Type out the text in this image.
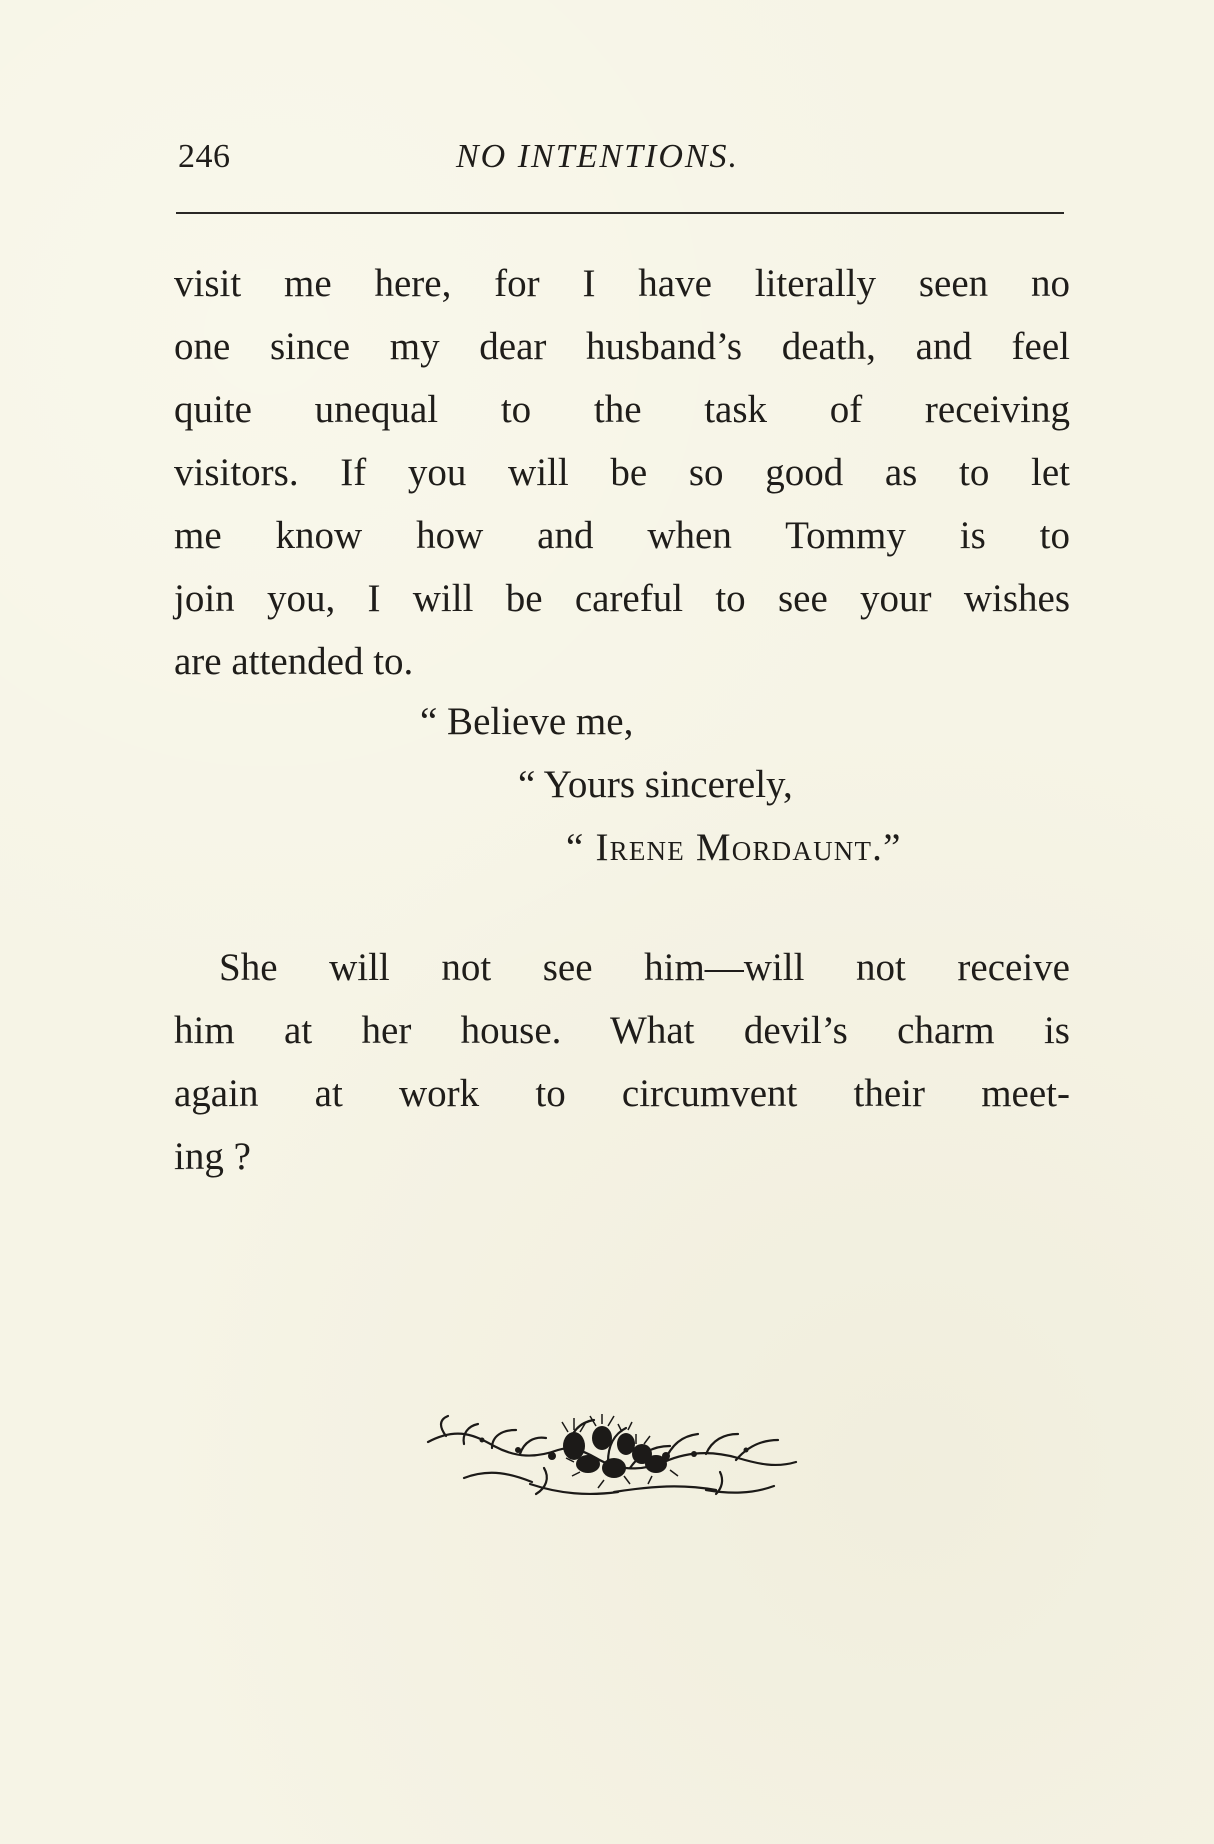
246	NO INTENTIONS.
visit me here, for I have literally seen no
one since my dear husband’s death, and feel
quite unequal to the task of receiving
visitors. If you will be so good as to let
me know how and when Tommy is to
join you, I will be careful to see your wishes
are attended to.
“ Believe me,
“ Yours sincerely,
“ Irene Mordaunt.”
She will not see him—will not receive
him at her house. What devil’s charm is
again at work to circumvent their meet-
ing ?
